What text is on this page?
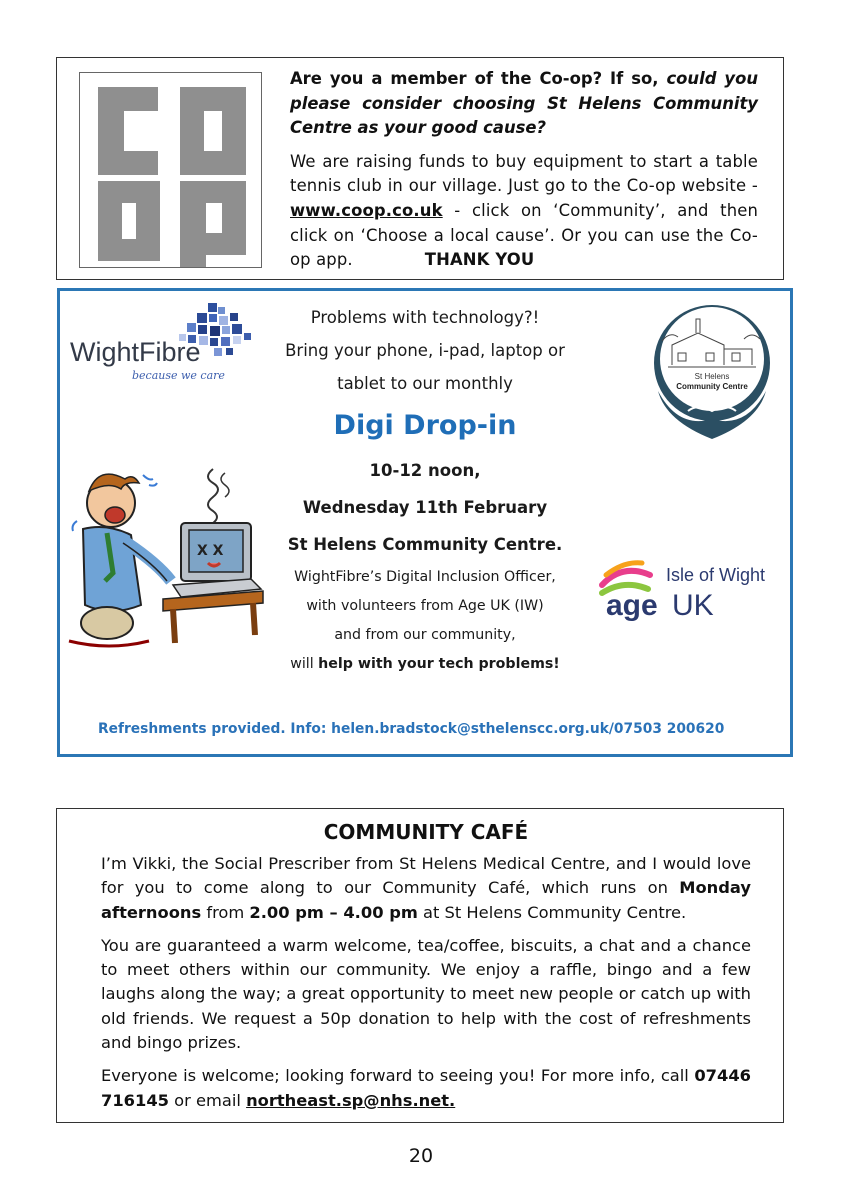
Are you a member of the Co-op? If so, could you please consider choosing St Helens Community Centre as your good cause?

We are raising funds to buy equipment to start a table tennis club in our village. Just go to the Co-op website - www.coop.co.uk - click on ‘Community’, and then click on ‘Choose a local cause’. Or you can use the Co-op app.	THANK YOU

WightFibre
because we care
Problems with technology?!
Bring your phone, i-pad, laptop or
tablet to our monthly
Digi Drop-in
10-12 noon,
Wednesday 11th February
St Helens Community Centre.
WightFibre’s Digital Inclusion Officer,
with volunteers from Age UK (IW)
and from our community,
will help with your tech problems!
St Helens
Community Centre
X X
Isle of Wight
age UK
Refreshments provided. Info: helen.bradstock@sthelenscc.org.uk/07503 200620
COMMUNITY CAFÉ

I’m Vikki, the Social Prescriber from St Helens Medical Centre, and I would love for you to come along to our Community Café, which runs on Monday afternoons from 2.00 pm – 4.00 pm at St Helens Community Centre.

You are guaranteed a warm welcome, tea/coffee, biscuits, a chat and a chance to meet others within our community. We enjoy a raffle, bingo and a few laughs along the way; a great opportunity to meet new people or catch up with old friends. We request a 50p donation to help with the cost of refreshments and bingo prizes.

Everyone is welcome; looking forward to seeing you! For more info, call 07446 716145 or email northeast.sp@nhs.net.

20
